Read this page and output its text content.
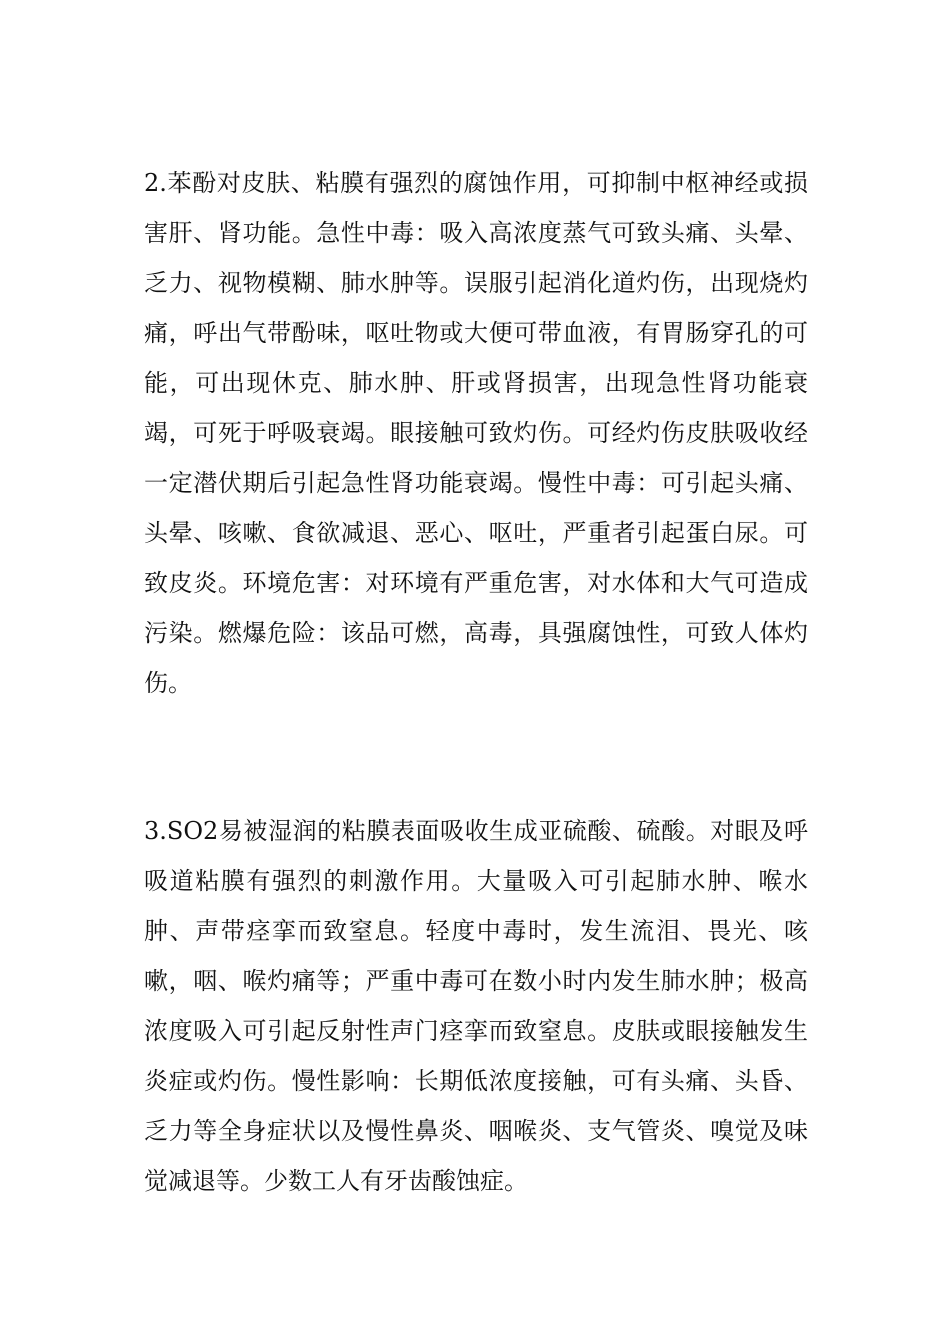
2.苯酚对皮肤、粘膜有强烈的腐蚀作用，可抑制中枢神经或损害肝、肾功能。急性中毒：吸入高浓度蒸气可致头痛、头晕、乏力、视物模糊、肺水肿等。误服引起消化道灼伤，出现烧灼痛，呼出气带酚味，呕吐物或大便可带血液，有胃肠穿孔的可能，可出现休克、肺水肿、肝或肾损害，出现急性肾功能衰竭，可死于呼吸衰竭。眼接触可致灼伤。可经灼伤皮肤吸收经一定潜伏期后引起急性肾功能衰竭。慢性中毒：可引起头痛、头晕、咳嗽、食欲减退、恶心、呕吐，严重者引起蛋白尿。可致皮炎。环境危害：对环境有严重危害，对水体和大气可造成污染。燃爆危险：该品可燃，高毒，具强腐蚀性，可致人体灼伤。

3.SO2易被湿润的粘膜表面吸收生成亚硫酸、硫酸。对眼及呼吸道粘膜有强烈的刺激作用。大量吸入可引起肺水肿、喉水肿、声带痉挛而致窒息。轻度中毒时，发生流泪、畏光、咳嗽，咽、喉灼痛等；严重中毒可在数小时内发生肺水肿；极高浓度吸入可引起反射性声门痉挛而致窒息。皮肤或眼接触发生炎症或灼伤。慢性影响：长期低浓度接触，可有头痛、头昏、乏力等全身症状以及慢性鼻炎、咽喉炎、支气管炎、嗅觉及味觉减退等。少数工人有牙齿酸蚀症。
